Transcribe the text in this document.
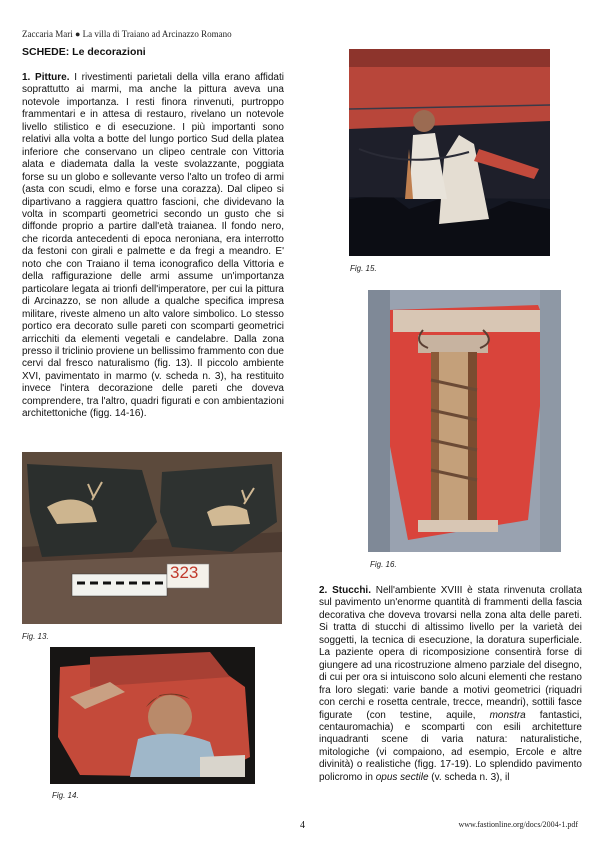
Zaccaria Mari ● La villa di Traiano ad Arcinazzo Romano
SCHEDE: Le decorazioni
1. Pitture. I rivestimenti parietali della villa erano affidati soprattutto ai marmi, ma anche la pittura aveva una notevole importanza. I resti finora rinvenuti, purtroppo frammentari e in attesa di restauro, rivelano un notevole livello stilistico e di esecuzione. I più importanti sono relativi alla volta a botte del lungo portico Sud della platea inferiore che conservano un clipeo centrale con Vittoria alata e diademata dalla la veste svolazzante, poggiata forse su un globo e sollevante verso l'alto un trofeo di armi (asta con scudi, elmo e forse una corazza). Dal clipeo si dipartivano a raggiera quattro fascioni, che dividevano la volta in scomparti geometrici secondo un gusto che si diffonde proprio a partire dall'età traianea. Il fondo nero, che ricorda antecedenti di epoca neroniana, era interrotto da festoni con girali e palmette e da fregi a meandro. E' noto che con Traiano il tema iconografico della Vittoria e della raffigurazione delle armi assume un'importanza particolare legata ai trionfi dell'imperatore, per cui la pittura di Arcinazzo, se non allude a qualche specifica impresa militare, riveste almeno un alto valore simbolico. Lo stesso portico era decorato sulle pareti con scomparti geometrici arricchiti da elementi vegetali e candelabre. Dalla zona presso il triclinio proviene un bellissimo frammento con due cervi dal fresco naturalismo (fig. 13). Il piccolo ambiente XVI, pavimentato in marmo (v. scheda n. 3), ha restituito invece l'intera decorazione delle pareti che doveva comprendere, tra l'altro, quadri figurati e con ambientazioni architettoniche (figg. 14-16).
Fig. 15.
Fig. 16.
323
Fig. 13.
Fig. 14.
2. Stucchi. Nell'ambiente XVIII è stata rinvenuta crollata sul pavimento un'enorme quantità di frammenti della fascia decorativa che doveva trovarsi nella zona alta delle pareti. Si tratta di stucchi di altissimo livello per la varietà dei soggetti, la tecnica di esecuzione, la doratura superficiale. La paziente opera di ricomposizione consentirà forse di giungere ad una ricostruzione almeno parziale del disegno, di cui per ora si intuiscono solo alcuni elementi che restano fra loro slegati: varie bande a motivi geometrici (riquadri con cerchi e rosetta centrale, trecce, meandri), sottili fasce figurate (con testine, aquile, monstra fantastici, centauromachia) e scomparti con esili architetture inquadranti scene di varia natura: naturalistiche, mitologiche (vi compaiono, ad esempio, Ercole e altre divinità) o realistiche (figg. 17-19). Lo splendido pavimento policromo in opus sectile (v. scheda n. 3), il
4	www.fastionline.org/docs/2004-1.pdf
